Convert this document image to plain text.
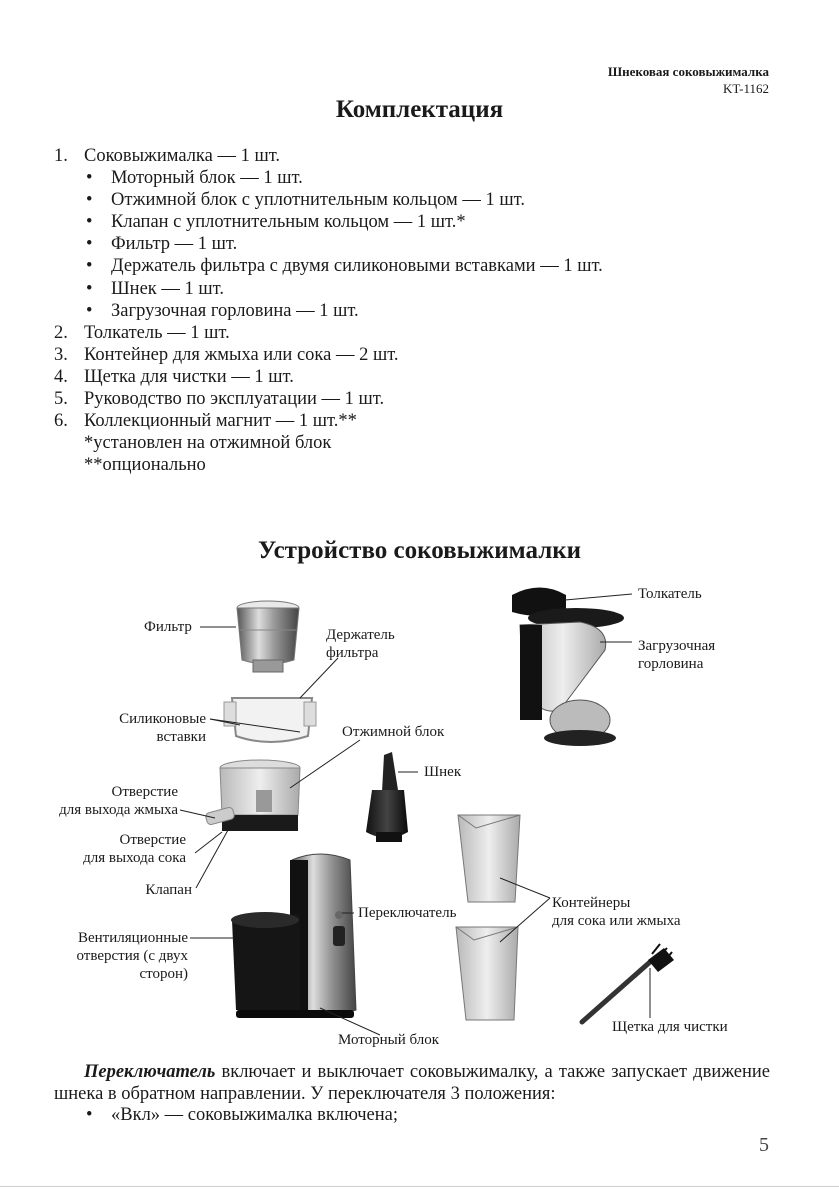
Шнековая соковыжималка
KT-1162
Комплектация
1. Соковыжималка — 1 шт.
• Моторный блок — 1 шт.
• Отжимной блок с уплотнительным кольцом — 1 шт.
• Клапан с уплотнительным кольцом — 1 шт.*
• Фильтр — 1 шт.
• Держатель фильтра с двумя силиконовыми вставками — 1 шт.
• Шнек — 1 шт.
• Загрузочная горловина — 1 шт.
2. Толкатель — 1 шт.
3. Контейнер для жмыха или сока — 2 шт.
4. Щетка для чистки — 1 шт.
5. Руководство по эксплуатации — 1 шт.
6. Коллекционный магнит — 1 шт.**
*установлен на отжимной блок
**опционально
Устройство соковыжималки
Фильтр	Держатель
фильтра
Силиконовые
вставки	Отжимной блок
Шнек
Отверстие
для выхода жмыха
Отверстие
для выхода сока
Клапан
Переключатель
Вентиляционные
отверстия (с двух
сторон)
Моторный блок
Толкатель
Загрузочная
горловина
Контейнеры
для сока или жмыха
Щетка для чистки
Переключатель включает и выключает соковыжималку, а также запускает движение шнека в обратном направлении. У переключателя 3 положения:
• «Вкл» — соковыжималка включена;
5
